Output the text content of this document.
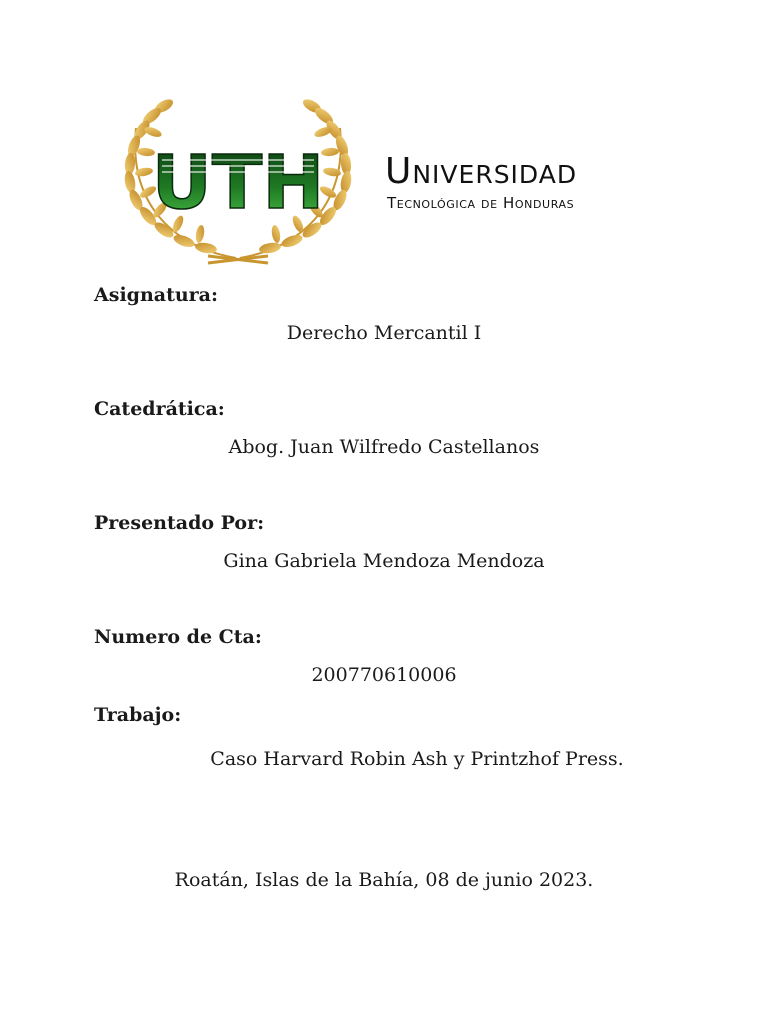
UTH Universidad
Tecnológica de Honduras
Asignatura:
Derecho Mercantil I
Catedrática:
Abog. Juan Wilfredo Castellanos
Presentado Por:
Gina Gabriela Mendoza Mendoza
Numero de Cta:
200770610006
Trabajo:
Caso Harvard Robin Ash y Printzhof Press.
Roatán, Islas de la Bahía, 08 de junio 2023.
